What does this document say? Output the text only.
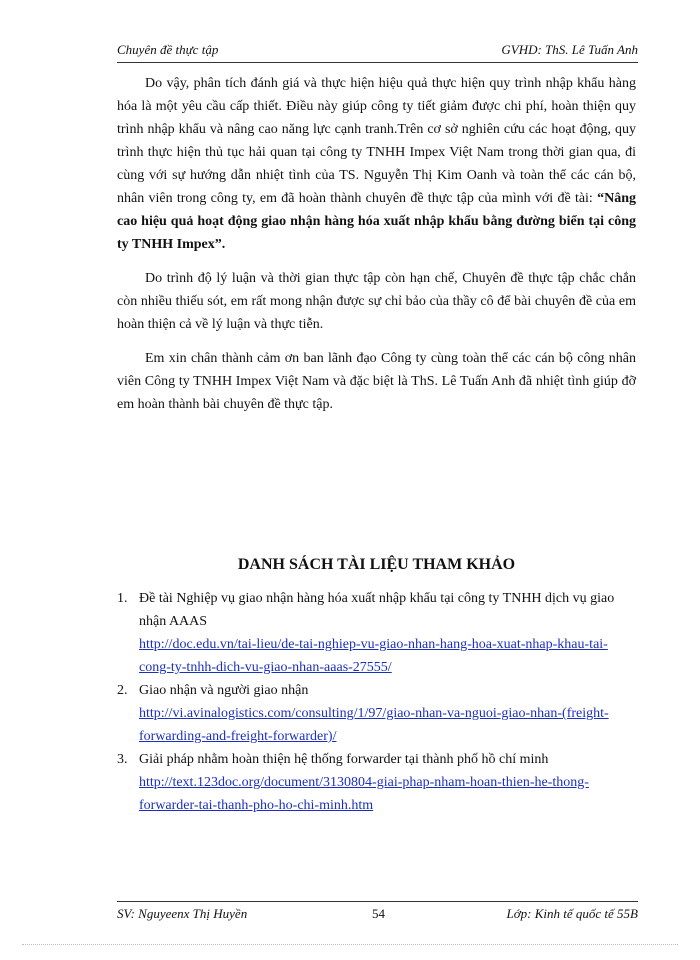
Chuyên đề thực tập	GVHD: ThS. Lê Tuấn Anh

Do vậy, phân tích đánh giá và thực hiện hiệu quả thực hiện quy trình nhập khẩu hàng hóa là một yêu cầu cấp thiết. Điều này giúp công ty tiết giảm được chi phí, hoàn thiện quy trình nhập khẩu và nâng cao năng lực cạnh tranh.Trên cơ sở nghiên cứu các hoạt động, quy trình thực hiện thủ tục hải quan tại công ty TNHH Impex Việt Nam trong thời gian qua, đi cùng với sự hướng dẫn nhiệt tình của TS. Nguyễn Thị Kim Oanh và toàn thể các cán bộ, nhân viên trong công ty, em đã hoàn thành chuyên đề thực tập của mình với đề tài: “Nâng cao hiệu quả hoạt động giao nhận hàng hóa xuất nhập khẩu bằng đường biển tại công ty TNHH Impex”.

Do trình độ lý luận và thời gian thực tập còn hạn chế, Chuyên đề thực tập chắc chắn còn nhiều thiếu sót, em rất mong nhận được sự chỉ bảo của thầy cô để bài chuyên đề của em hoàn thiện cả về lý luận và thực tiễn.

Em xin chân thành cảm ơn ban lãnh đạo Công ty cùng toàn thể các cán bộ công nhân viên Công ty TNHH Impex Việt Nam và đặc biệt là ThS. Lê Tuấn Anh đã nhiệt tình giúp đỡ em hoàn thành bài chuyên đề thực tập.

DANH SÁCH TÀI LIỆU THAM KHẢO
1. Đề tài Nghiệp vụ giao nhận hàng hóa xuất nhập khẩu tại công ty TNHH dịch vụ giao nhận AAAS
http://doc.edu.vn/tai-lieu/de-tai-nghiep-vu-giao-nhan-hang-hoa-xuat-nhap-khau-tai-cong-ty-tnhh-dich-vu-giao-nhan-aaas-27555/
2. Giao nhận và người giao nhận
http://vi.avinalogistics.com/consulting/1/97/giao-nhan-va-nguoi-giao-nhan-(freight-forwarding-and-freight-forwarder)/
3. Giải pháp nhằm hoàn thiện hệ thống forwarder tại thành phố hồ chí minh
http://text.123doc.org/document/3130804-giai-phap-nham-hoan-thien-he-thong-forwarder-tai-thanh-pho-ho-chi-minh.htm
SV: Nguyeenx Thị Huyền	54	Lớp: Kinh tế quốc tế 55B
